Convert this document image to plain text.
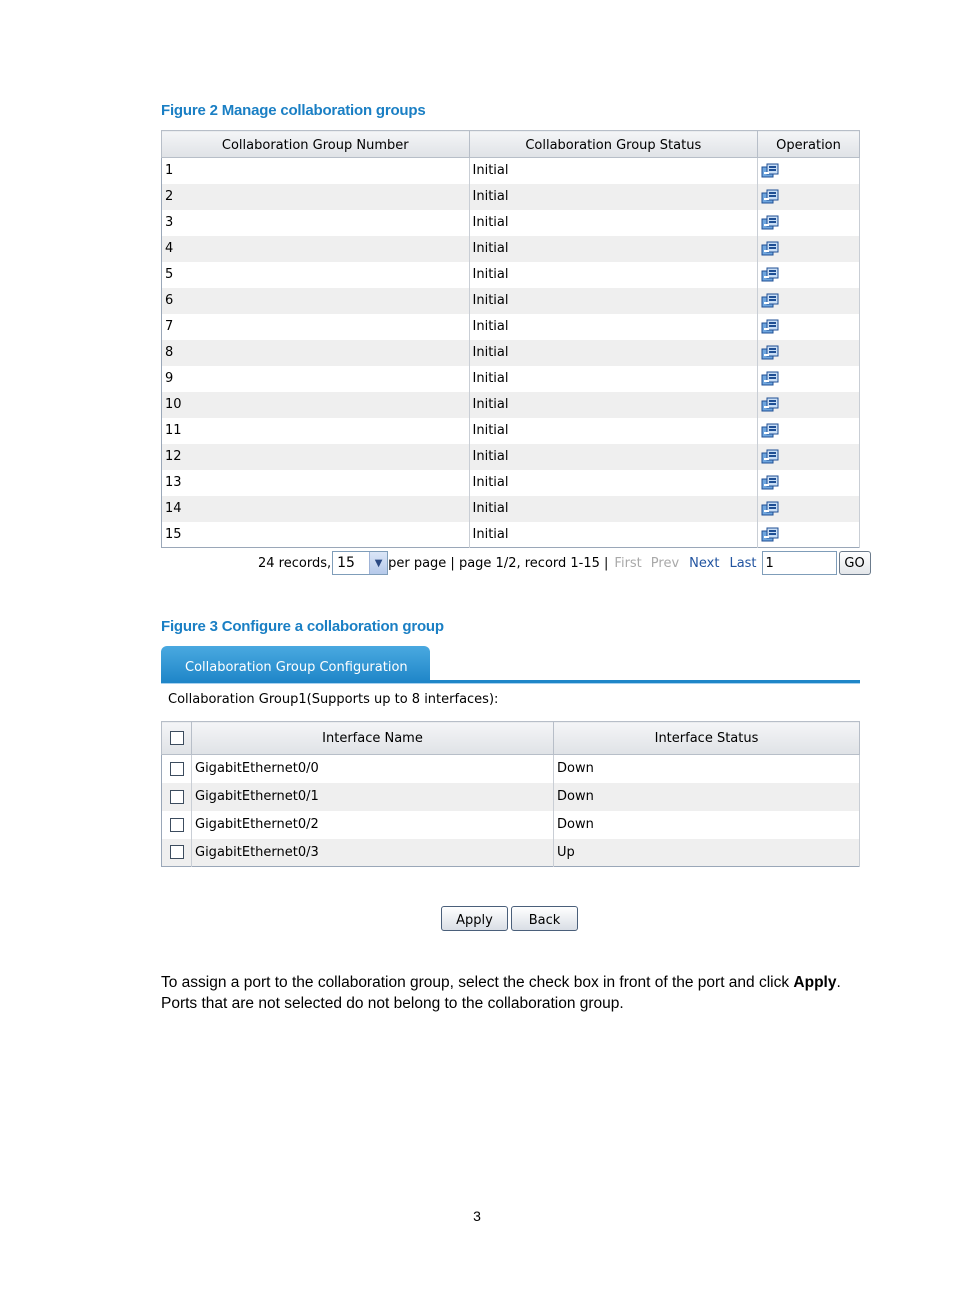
Figure 2 Manage collaboration groups
Collaboration Group Number	Collaboration Group Status	Operation
1	Initial	
2	Initial	
3	Initial	
4	Initial	
5	Initial	
6	Initial	
7	Initial	
8	Initial	
9	Initial	
10	Initial	
11	Initial	
12	Initial	
13	Initial	
14	Initial	
15	Initial	
24 records, 15	▼ per page | page 1/2, record 1-15 | First Prev Next Last 1	GO
Figure 3 Configure a collaboration group
Collaboration Group Configuration
Collaboration Group1(Supports up to 8 interfaces):
	Interface Name	Interface Status
	GigabitEthernet0/0	Down
	GigabitEthernet0/1	Down
	GigabitEthernet0/2	Down
	GigabitEthernet0/3	Up
Apply	Back
To assign a port to the collaboration group, select the check box in front of the port and click Apply. Ports that are not selected do not belong to the collaboration group.
3
